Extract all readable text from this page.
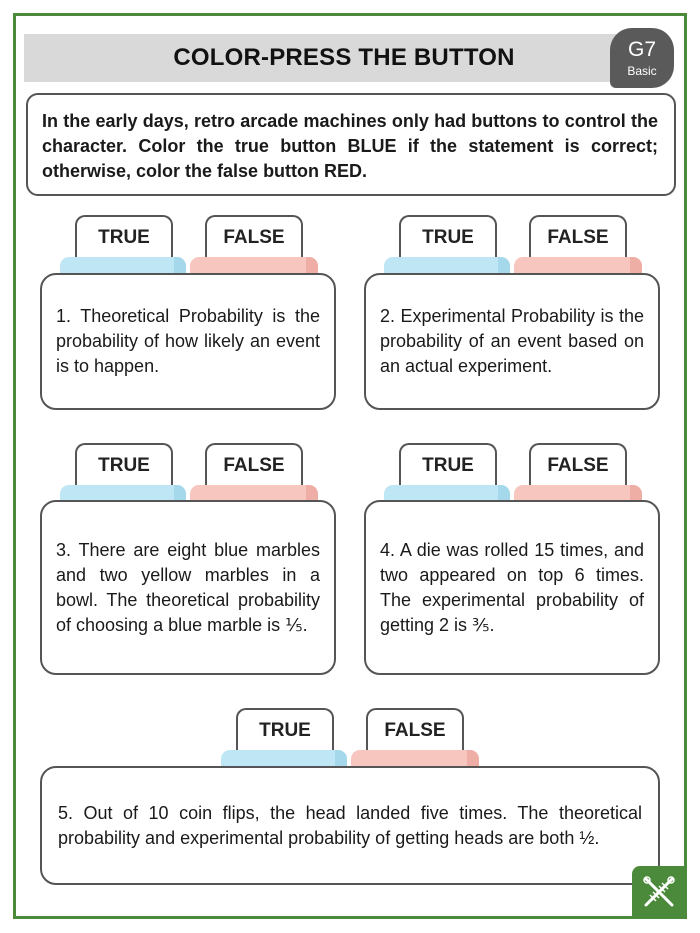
COLOR-PRESS THE BUTTON	G7
Basic

In the early days, retro arcade machines only had buttons to control the character. Color the true button BLUE if the statement is correct; otherwise, color the false button RED.

TRUE	FALSE

1. Theoretical Probability is the probability of how likely an event is to happen.

TRUE	FALSE

2. Experimental Probability is the probability of an event based on an actual experiment.

TRUE	FALSE

3. There are eight blue marbles and two yellow marbles in a bowl. The theoretical probability of choosing a blue marble is ⅕.

TRUE	FALSE

4. A die was rolled 15 times, and two appeared on top 6 times. The experimental probability of getting 2 is ⅗.

TRUE	FALSE

5. Out of 10 coin flips, the head landed five times. The theoretical probability and experimental probability of getting heads are both ½.
